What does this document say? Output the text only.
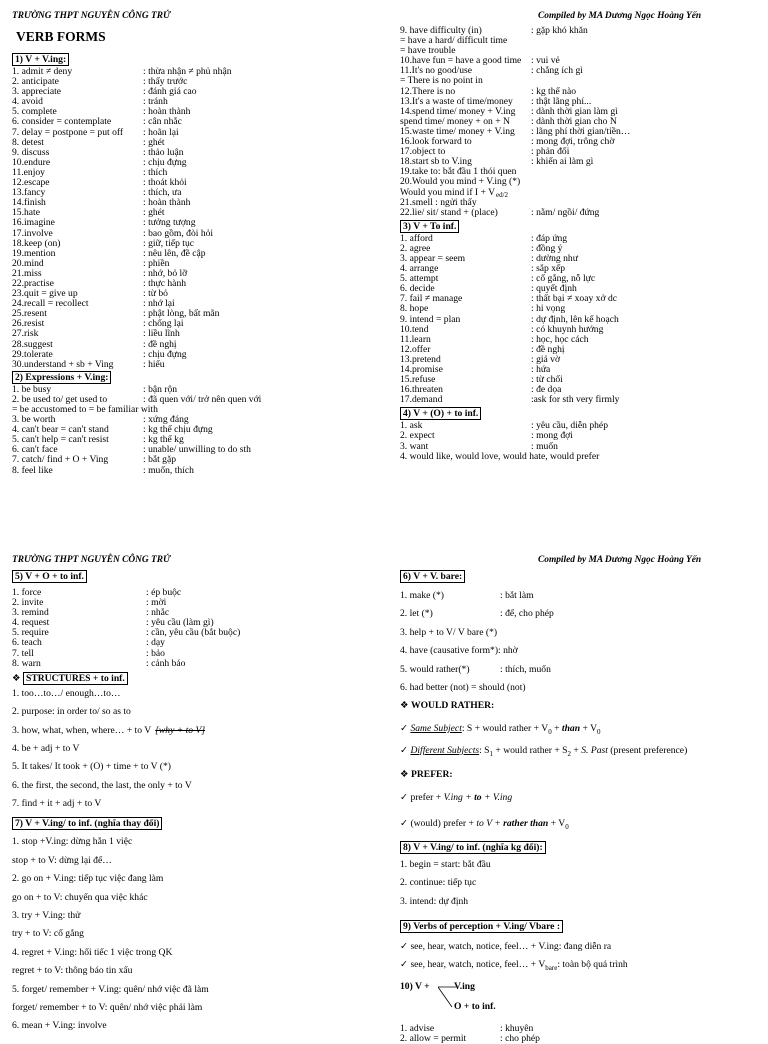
TRƯỜNG THPT NGUYỄN CÔNG TRỨ	Compiled by MA Dương Ngọc Hoàng Yến
VERB FORMS
1) V + V.ing:
1. admit ≠ deny	: thừa nhận ≠ phủ nhận
2. anticipate	: thấy trước
3. appreciate	: đánh giá cao
4. avoid	: tránh
5. complete	: hoàn thành
6. consider = contemplate	: cân nhắc
7. delay = postpone = put off : hoãn lại
8. detest	: ghét
9. discuss	: thảo luận
10.endure	: chịu đựng
11.enjoy	: thích
12.escape	: thoát khỏi
13.fancy	: thích, ưa
14.finish	: hoàn thành
15.hate	: ghét
16.imagine	: tưởng tượng
17.involve	: bao gồm, đòi hỏi
18.keep (on)	: giữ, tiếp tục
19.mention	: nêu lên, đề cập
20.mind	: phiền
21.miss	: nhớ, bỏ lỡ
22.practise	: thực hành
23.quit = give up	: từ bỏ
24.recall = recollect	: nhớ lại
25.resent	: phật lòng, bất mãn
26.resist	: chống lại
27.risk	: liều lĩnh
28.suggest	: đề nghị
29.tolerate	: chịu đựng
30.understand + sb + Ving	: hiểu
2) Expressions + V.ing:
1. be busy	: bận rộn
2. be used to/ get used to	: đã quen với/ trở nên quen với
= be accustomed to = be familiar with
3. be worth	: xứng đáng
4. can't bear = can't stand	: kg thể chịu đựng
5. can't help = can't resist	: kg thể kg
6. can't face	: unable/ unwilling to do sth
7. catch/ find + O + Ving	: bắt gặp
8. feel like	: muốn, thích
9. have difficulty (in)	: gặp khó khăn
= have a hard/ difficult time
= have trouble
10.have fun = have a good time : vui vẻ
11.It's no good/use	: chẳng ích gì
= There is no point in
12.There is no	: kg thể nào
13.It's a waste of time/money : thật lãng phí...
14.spend time/ money + V.ing : dành thời gian làm gì
spend time/ money + on + N : dành thời gian cho N
15.waste time/ money + V.ing : lãng phí thời gian/tiền…
16.look forward to	: mong đợi, trông chờ
17.object to	: phản đối
18.start sb to V.ing	: khiến ai làm gì
19.take to: bắt đầu 1 thói quen
20.Would you mind + V.ing (*)
Would you mind if I + V ed/2
21.smell : ngửi thấy
22.lie/ sit/ stand + (place)	: nằm/ ngồi/ đứng
3) V + To inf.
1. afford	: đáp ứng
2. agree	: đồng ý
3. appear = seem	: dường như
4. arrange	: sắp xếp
5. attempt	: cố gắng, nỗ lực
6. decide	: quyết định
7. fail ≠ manage	: thất bại ≠ xoay xở dc
8. hope	: hi vọng
9. intend = plan	: dự định, lên kế hoạch
10.tend	: có khuynh hướng
11.learn	: học, học cách
12.offer	: đề nghị
13.pretend	: giả vờ
14.promise	: hứa
15.refuse	: từ chối
16.threaten	: đe dọa
17.demand	:ask for sth very firmly
4) V + (O) + to inf.
1. ask	: yêu cầu, diễn phép
2. expect	: mong đợi
3. want	: muốn
4. would like, would love, would hate, would prefer
TRƯỜNG THPT NGUYỄN CÔNG TRỨ	Compiled by MA Dương Ngọc Hoàng Yến
5) V + O + to inf.
1. force	: ép buộc
2. invite	: mời
3. remind	: nhắc
4. request	: yêu cầu (làm gì)
5. require	: cần, yêu cầu (bắt buộc)
6. teach	: dạy
7. tell	: bảo
8. warn	: cảnh báo
❖ STRUCTURES + to inf.
1. too…to…/ enough…to…
2. purpose: in order to/ so as to
3. how, what, when, where… + to V [why + to V]
4. be + adj + to V
5. It takes/ It took + (O) + time + to V (*)
6. the first, the second, the last, the only + to V
7. find + it + adj + to V
7) V + V.ing/ to inf. (nghĩa thay đổi)
1. stop +V.ing: dừng hẳn 1 việc
stop + to V: dừng lại để…
2. go on + V.ing: tiếp tục việc đang làm
go on + to V: chuyển qua việc khác
3. try + V.ing: thử
try + to V: cố gắng
4. regret + V.ing: hối tiếc 1 việc trong QK
regret + to V: thông báo tin xấu
5. forget/ remember + V.ing: quên/ nhớ việc đã làm
forget/ remember + to V: quên/ nhớ việc phải làm
6. mean + V.ing: involve
6) V + V. bare:
1. make (*)	: bắt làm
2. let (*)	: để, cho phép
3. help + to V/ V bare (*)
4. have (causative form*): nhờ
5. would rather(*)	: thích, muốn
6. had better (not) = should (not)
❖ WOULD RATHER:
✓ Same Subject: S + would rather + $V_0$ + than + $V_0$
✓ Different Subjects: $S_1$ + would rather + $S_2 + S$. Past (present preference)
❖ PREFER:
✓ prefer + V.ing + to + V.ing
✓ (would) prefer + to V + rather than + $V_0$
8) V + V.ing/ to inf. (nghĩa kg đổi):
1. begin = start: bắt đầu
2. continue: tiếp tục
3. intend: dự định
9) Verbs of perception + V.ing/ Vbare :
✓ see, hear, watch, notice, feel… + V.ing: đang diễn ra
✓ see, hear, watch, notice, feel… + $V_{bare}$: toàn bộ quá trình
10) V +	V.ing
O + to inf.
1. advise	: khuyên
2. allow = permit	: cho phép
